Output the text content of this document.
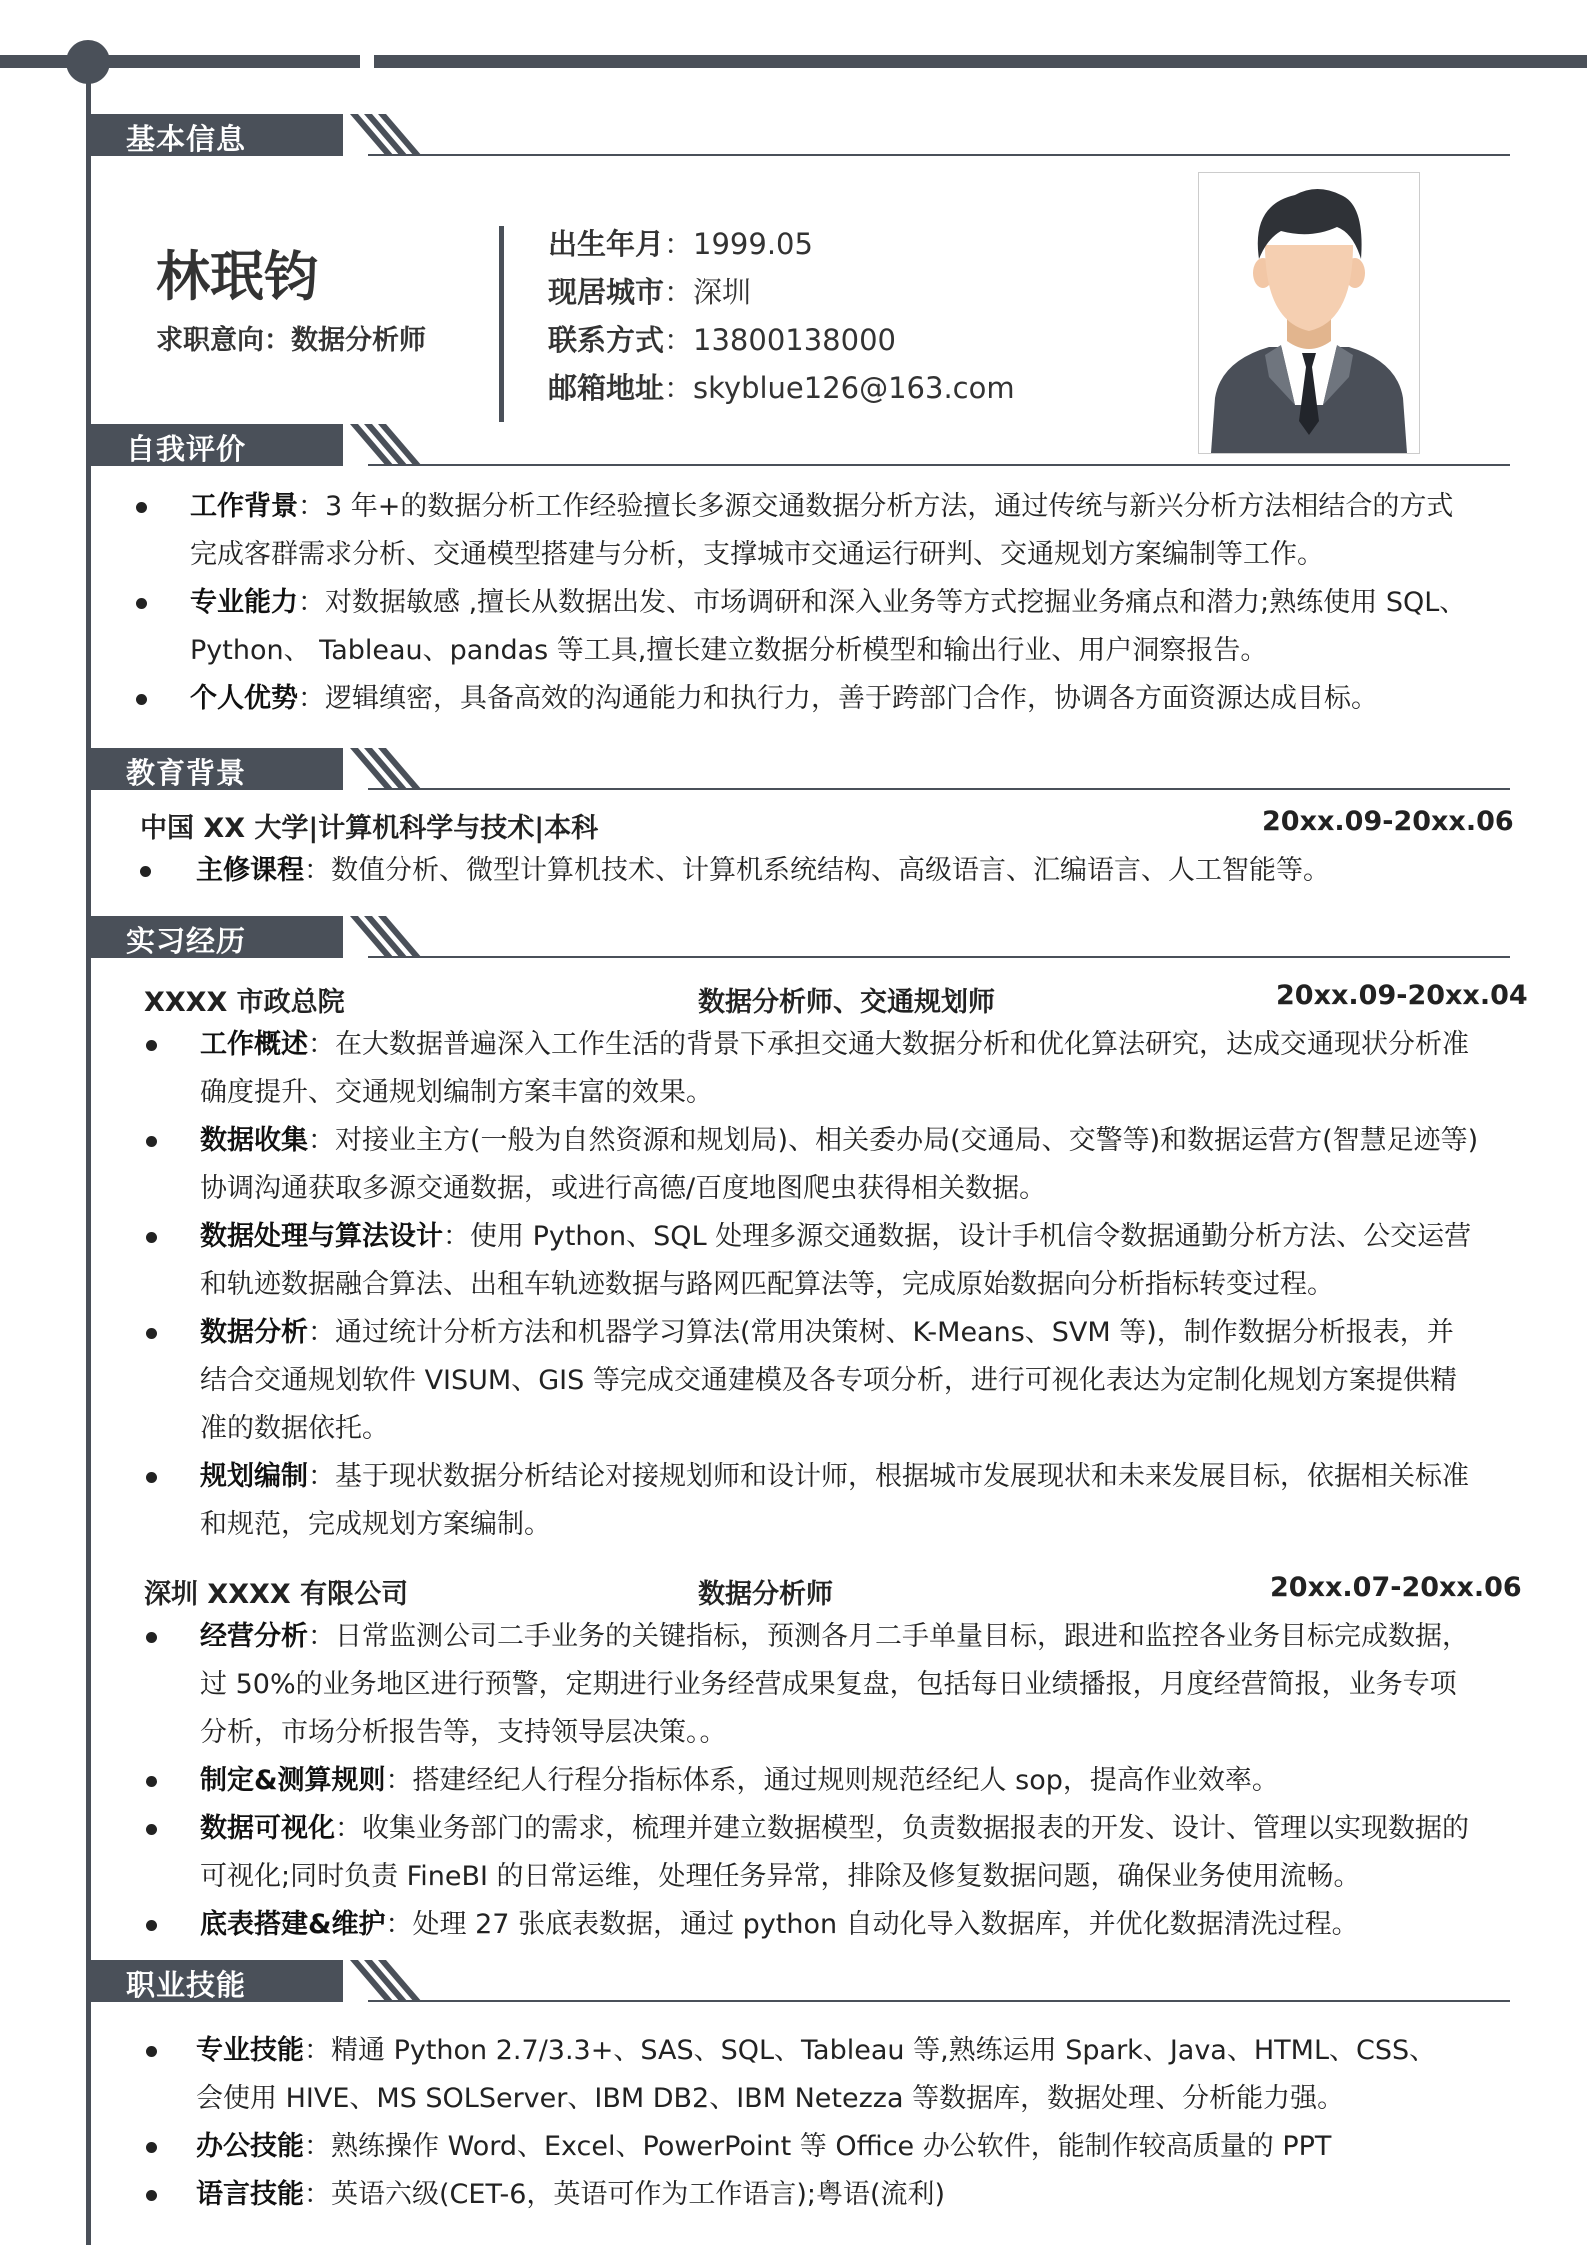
基本信息
林珉钧
求职意向：数据分析师
出生年月：1999.05
现居城市：深圳
联系方式：13800138000
邮箱地址：skyblue126@163.com
自我评价
工作背景：3 年+的数据分析工作经验擅长多源交通数据分析方法，通过传统与新兴分析方法相结合的方式
完成客群需求分析、交通模型搭建与分析，支撑城市交通运行研判、交通规划方案编制等工作。
专业能力：对数据敏感 ,擅长从数据出发、市场调研和深入业务等方式挖掘业务痛点和潜力;熟练使用 SQL、
Python、 Tableau、pandas 等工具,擅长建立数据分析模型和输出行业、用户洞察报告。
个人优势：逻辑缜密，具备高效的沟通能力和执行力，善于跨部门合作，协调各方面资源达成目标。
教育背景
中国 XX 大学|计算机科学与技术|本科	20xx.09-20xx.06
主修课程：数值分析、微型计算机技术、计算机系统结构、高级语言、汇编语言、人工智能等。
实习经历
XXXX 市政总院	数据分析师、交通规划师	20xx.09-20xx.04
工作概述：在大数据普遍深入工作生活的背景下承担交通大数据分析和优化算法研究，达成交通现状分析准
确度提升、交通规划编制方案丰富的效果。
数据收集：对接业主方(一般为自然资源和规划局)、相关委办局(交通局、交警等)和数据运营方(智慧足迹等)
协调沟通获取多源交通数据，或进行高德/百度地图爬虫获得相关数据。
数据处理与算法设计：使用 Python、SQL 处理多源交通数据，设计手机信令数据通勤分析方法、公交运营
和轨迹数据融合算法、出租车轨迹数据与路网匹配算法等，完成原始数据向分析指标转变过程。
数据分析：通过统计分析方法和机器学习算法(常用决策树、K-Means、SVM 等)，制作数据分析报表，并
结合交通规划软件 VISUM、GIS 等完成交通建模及各专项分析，进行可视化表达为定制化规划方案提供精
准的数据依托。
规划编制：基于现状数据分析结论对接规划师和设计师，根据城市发展现状和未来发展目标，依据相关标准
和规范，完成规划方案编制。
深圳 XXXX 有限公司	数据分析师	20xx.07-20xx.06
经营分析：日常监测公司二手业务的关键指标，预测各月二手单量目标，跟进和监控各业务目标完成数据，
过 50%的业务地区进行预警，定期进行业务经营成果复盘，包括每日业绩播报，月度经营简报，业务专项
分析，市场分析报告等，支持领导层决策。。
制定&测算规则：搭建经纪人行程分指标体系，通过规则规范经纪人 sop，提高作业效率。
数据可视化：收集业务部门的需求，梳理并建立数据模型，负责数据报表的开发、设计、管理以实现数据的
可视化;同时负责 FineBI 的日常运维，处理任务异常，排除及修复数据问题，确保业务使用流畅。
底表搭建&维护：处理 27 张底表数据，通过 python 自动化导入数据库，并优化数据清洗过程。
职业技能
专业技能：精通 Python 2.7/3.3+、SAS、SQL、Tableau 等,熟练运用 Spark、Java、HTML、CSS、
会使用 HIVE、MS SOLServer、IBM DB2、IBM Netezza 等数据库，数据处理、分析能力强。
办公技能：熟练操作 Word、Excel、PowerPoint 等 Office 办公软件，能制作较高质量的 PPT
语言技能：英语六级(CET-6，英语可作为工作语言);粤语(流利)
